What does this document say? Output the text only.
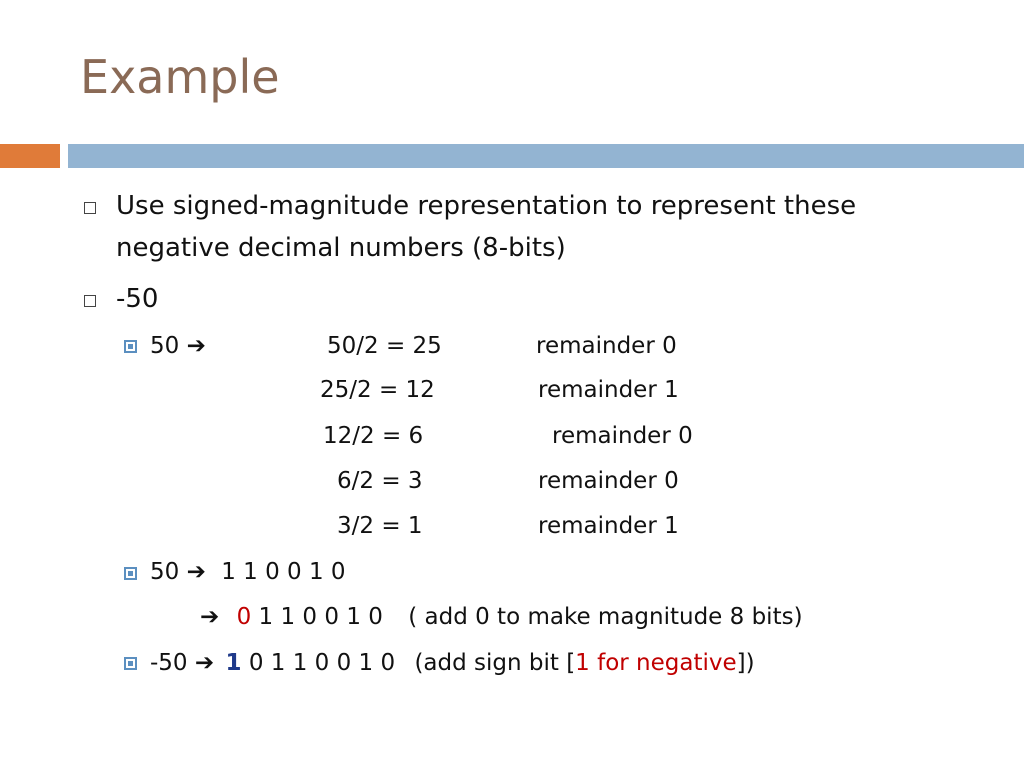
Example
Use signed-magnitude representation to represent these
negative decimal numbers (8-bits)
-50
50 ➔	50/2 = 25	remainder 0
25/2 = 12	remainder 1
12/2 = 6	remainder 0
6/2 = 3	remainder 0
3/2 = 1	remainder 1
50 ➔ 1 1 0 0 1 0
➔ 0 1 1 0 0 1 0 ( add 0 to make magnitude 8 bits)
-50 ➔ 1 0 1 1 0 0 1 0 (add sign bit [1 for negative])
